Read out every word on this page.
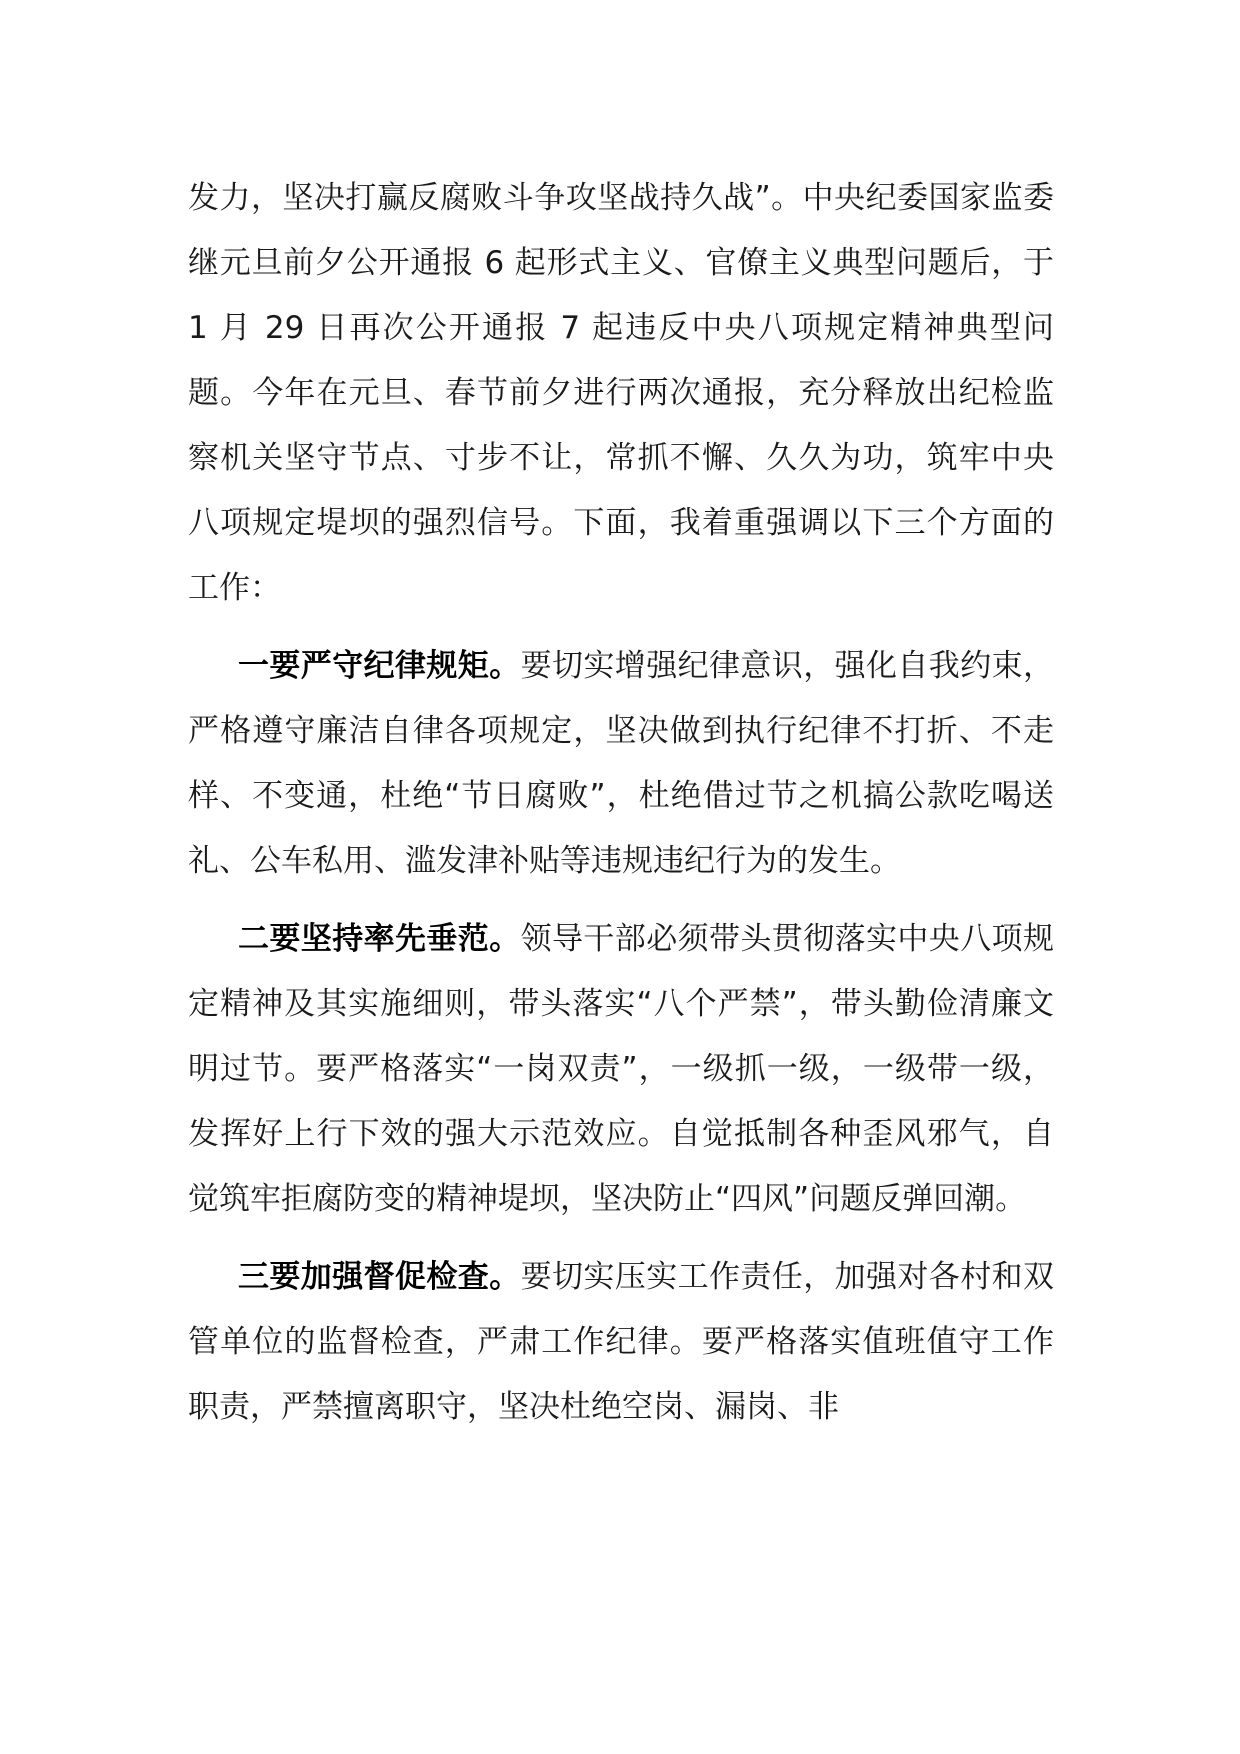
发力，坚决打赢反腐败斗争攻坚战持久战”。中央纪委国家监委继元旦前夕公开通报 6 起形式主义、官僚主义典型问题后，于 1 月 29 日再次公开通报 7 起违反中央八项规定精神典型问题。今年在元旦、春节前夕进行两次通报，充分释放出纪检监察机关坚守节点、寸步不让，常抓不懈、久久为功，筑牢中央八项规定堤坝的强烈信号。下面，我着重强调以下三个方面的工作：

一要严守纪律规矩。要切实增强纪律意识，强化自我约束，严格遵守廉洁自律各项规定，坚决做到执行纪律不打折、不走样、不变通，杜绝“节日腐败”，杜绝借过节之机搞公款吃喝送礼、公车私用、滥发津补贴等违规违纪行为的发生。

二要坚持率先垂范。领导干部必须带头贯彻落实中央八项规定精神及其实施细则，带头落实“八个严禁”，带头勤俭清廉文明过节。要严格落实“一岗双责”，一级抓一级，一级带一级，发挥好上行下效的强大示范效应。自觉抵制各种歪风邪气，自觉筑牢拒腐防变的精神堤坝，坚决防止“四风”问题反弹回潮。

三要加强督促检查。要切实压实工作责任，加强对各村和双管单位的监督检查，严肃工作纪律。要严格落实值班值守工作职责，严禁擅离职守，坚决杜绝空岗、漏岗、非
